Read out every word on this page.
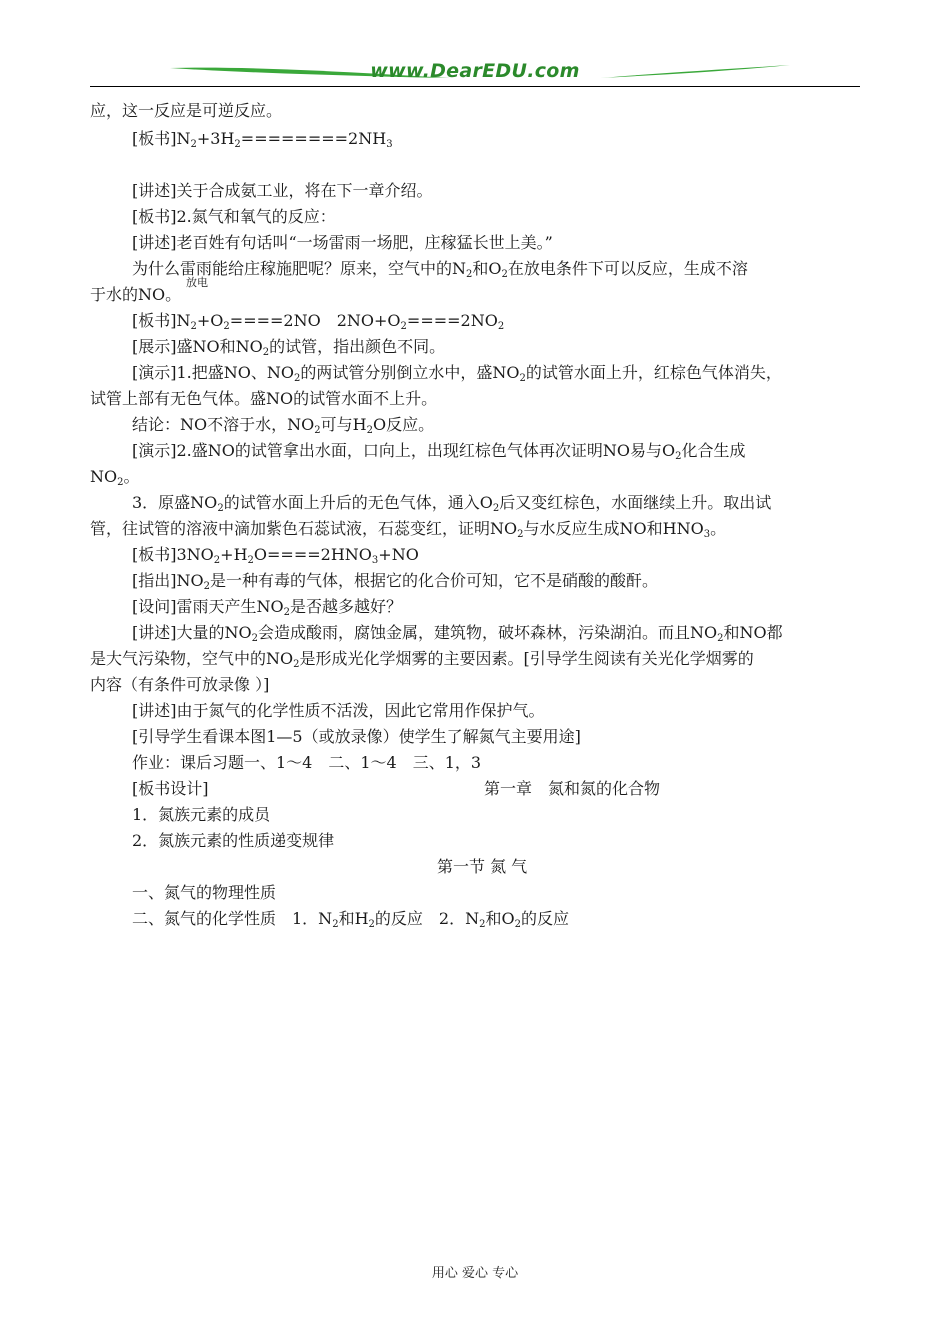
www.DearEDU.com
应，这一反应是可逆反应。
[板书]$N_2+3H_2========2NH_3$
[讲述]关于合成氨工业，将在下一章介绍。
[板书]2.氮气和氧气的反应：
[讲述]老百姓有句话叫“一场雷雨一场肥，庄稼猛长世上美。”
为什么雷雨能给庄稼施肥呢？原来，空气中的$N_2$和$O_2$在放电条件下可以反应，生成不溶
放电
于水的NO。
[板书]$N_2+O_2====2NO$　$2NO+O_2====2NO_2$
[展示]盛NO和$NO_2$的试管，指出颜色不同。
[演示]1.把盛NO、$NO_2$的两试管分别倒立水中，盛$NO_2$的试管水面上升，红棕色气体消失，
试管上部有无色气体。盛NO的试管水面不上升。
结论：NO不溶于水，$NO_2$可与$H_2O$反应。
[演示]2.盛NO的试管拿出水面，口向上，出现红棕色气体再次证明NO易与$O_2$化合生成
$NO_2$。
3．原盛$NO_2$的试管水面上升后的无色气体，通入$O_2$后又变红棕色，水面继续上升。取出试
管，往试管的溶液中滴加紫色石蕊试液，石蕊变红，证明$NO_2$与水反应生成NO和$HNO_3$。
[板书]$3NO_2+H_2O====2HNO_3+NO$
[指出]$NO_2$是一种有毒的气体，根据它的化合价可知，它不是硝酸的酸酐。
[设问]雷雨天产生$NO_2$是否越多越好？
[讲述]大量的$NO_2$会造成酸雨，腐蚀金属，建筑物，破坏森林，污染湖泊。而且$NO_2$和NO都
是大气污染物，空气中的$NO_2$是形成光化学烟雾的主要因素。[引导学生阅读有关光化学烟雾的
内容（有条件可放录像 ）]
[讲述]由于氮气的化学性质不活泼，因此它常用作保护气。
[引导学生看课本图1—5（或放录像）使学生了解氮气主要用途]
作业：课后习题一、1～4　二、1～4　三、1，3
[板书设计]	第一章　氮和氮的化合物
1．氮族元素的成员
2．氮族元素的性质递变规律
第一节 氮 气
一、氮气的物理性质
二、氮气的化学性质　1．$N_2$和$H_2$的反应　2．$N_2$和$O_2$的反应
用心 爱心 专心
